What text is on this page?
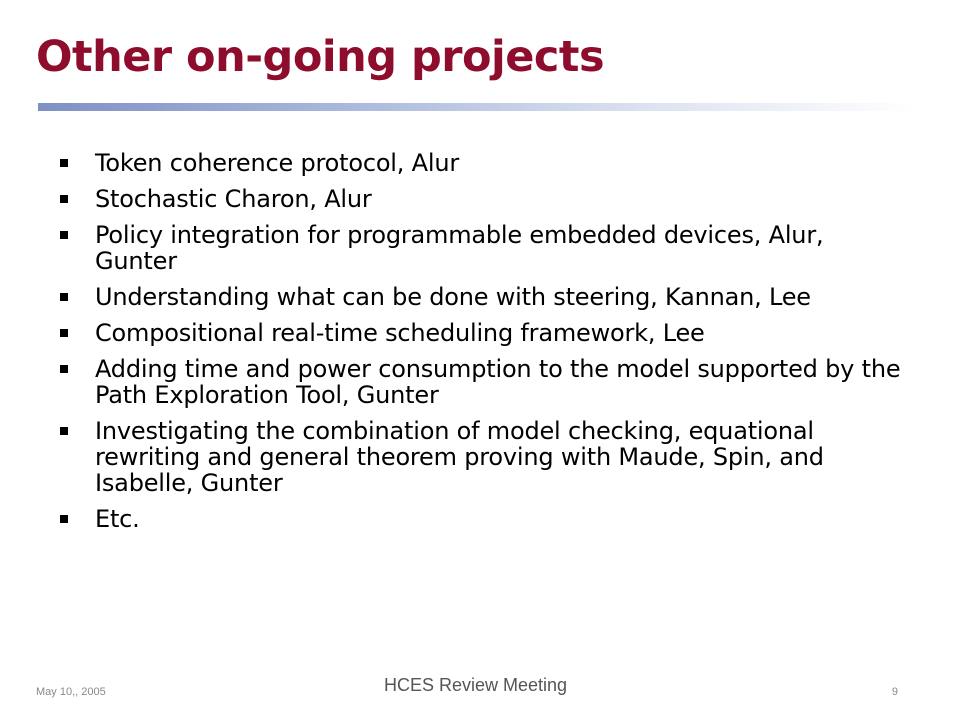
Other on-going projects
Token coherence protocol, Alur
Stochastic Charon, Alur
Policy integration for programmable embedded devices, Alur, Gunter
Understanding what can be done with steering, Kannan, Lee
Compositional real-time scheduling framework, Lee
Adding time and power consumption to the model supported by the Path Exploration Tool, Gunter
Investigating the combination of model checking, equational rewriting and general theorem proving with Maude, Spin, and Isabelle, Gunter
Etc.
May 10,, 2005	HCES Review Meeting	9
